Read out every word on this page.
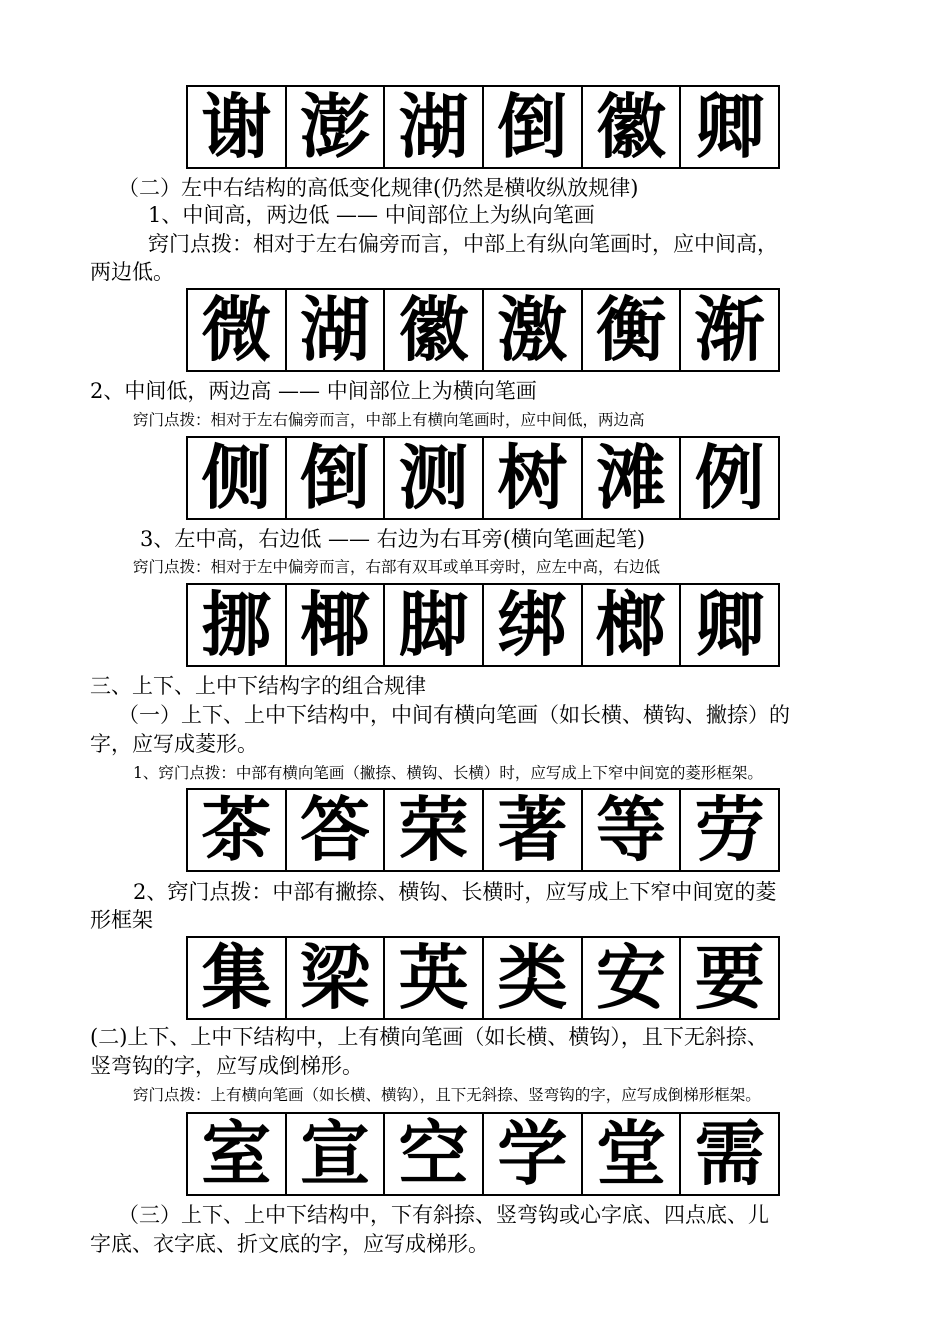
谢 澎 湖 倒 徽 卿
（二）左中右结构的高低变化规律(仍然是横收纵放规律)
1、中间高，两边低 —— 中间部位上为纵向笔画
窍门点拨：相对于左右偏旁而言，中部上有纵向笔画时，应中间高，
两边低。
微 湖 徽 激 衡 渐
2、中间低，两边高 —— 中间部位上为横向笔画
窍门点拨：相对于左右偏旁而言，中部上有横向笔画时，应中间低，两边高
侧 倒 测 树 滩 例
3、左中高，右边低 —— 右边为右耳旁(横向笔画起笔)
窍门点拨：相对于左中偏旁而言，右部有双耳或单耳旁时，应左中高，右边低
挪 椰 脚 绑 榔 卿
三、上下、上中下结构字的组合规律
（一）上下、上中下结构中，中间有横向笔画（如长横、横钩、撇捺）的
字，应写成菱形。
1、窍门点拨：中部有横向笔画（撇捺、横钩、长横）时，应写成上下窄中间宽的菱形框架。
茶 答 荣 著 等 劳
2、窍门点拨：中部有撇捺、横钩、长横时，应写成上下窄中间宽的菱
形框架
集 梁 英 类 安 要
(二)上下、上中下结构中，上有横向笔画（如长横、横钩），且下无斜捺、
竖弯钩的字，应写成倒梯形。
窍门点拨：上有横向笔画（如长横、横钩），且下无斜捺、竖弯钩的字，应写成倒梯形框架。
室 宣 空 学 堂 需
（三）上下、上中下结构中，下有斜捺、竖弯钩或心字底、四点底、儿
字底、衣字底、折文底的字，应写成梯形。
